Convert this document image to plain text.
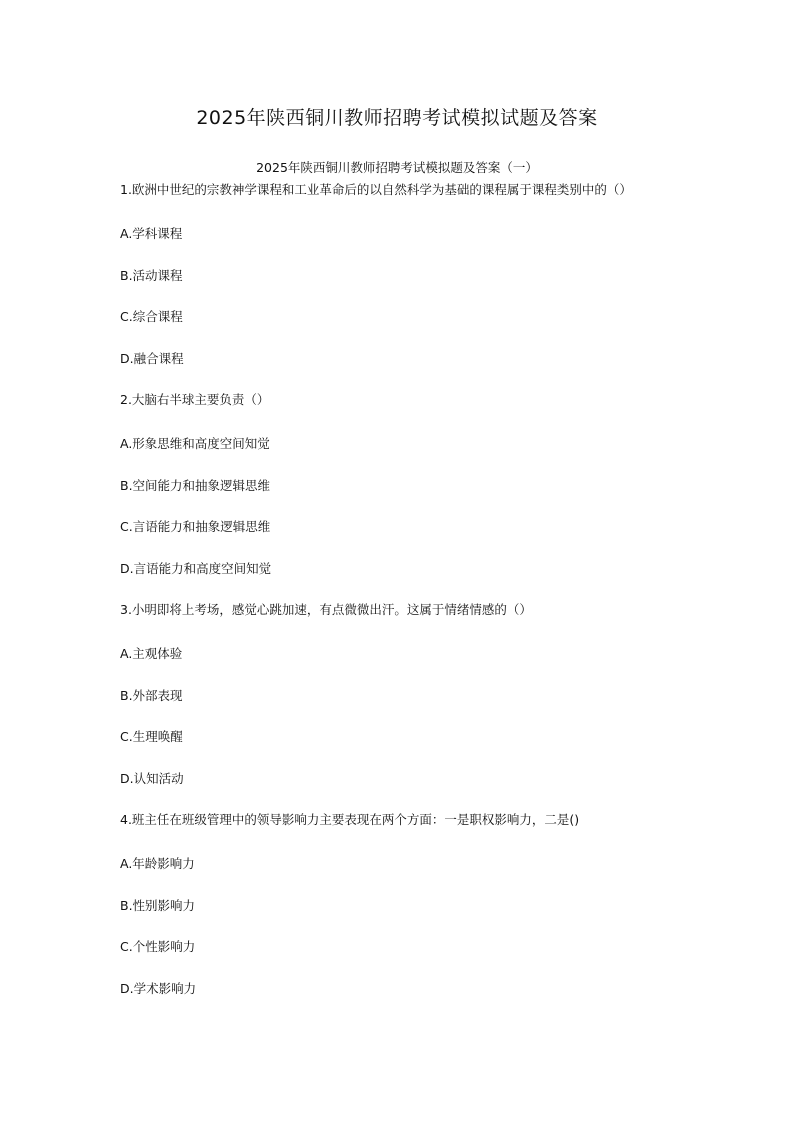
2025年陕西铜川教师招聘考试模拟试题及答案
2025年陕西铜川教师招聘考试模拟题及答案（一）
1.欧洲中世纪的宗教神学课程和工业革命后的以自然科学为基础的课程属于课程类别中的（）
A.学科课程
B.活动课程
C.综合课程
D.融合课程
2.大脑右半球主要负责（）
A.形象思维和高度空间知觉
B.空间能力和抽象逻辑思维
C.言语能力和抽象逻辑思维
D.言语能力和高度空间知觉
3.小明即将上考场，感觉心跳加速，有点微微出汗。这属于情绪情感的（）
A.主观体验
B.外部表现
C.生理唤醒
D.认知活动
4.班主任在班级管理中的领导影响力主要表现在两个方面：一是职权影响力，二是()
A.年龄影响力
B.性别影响力
C.个性影响力
D.学术影响力
